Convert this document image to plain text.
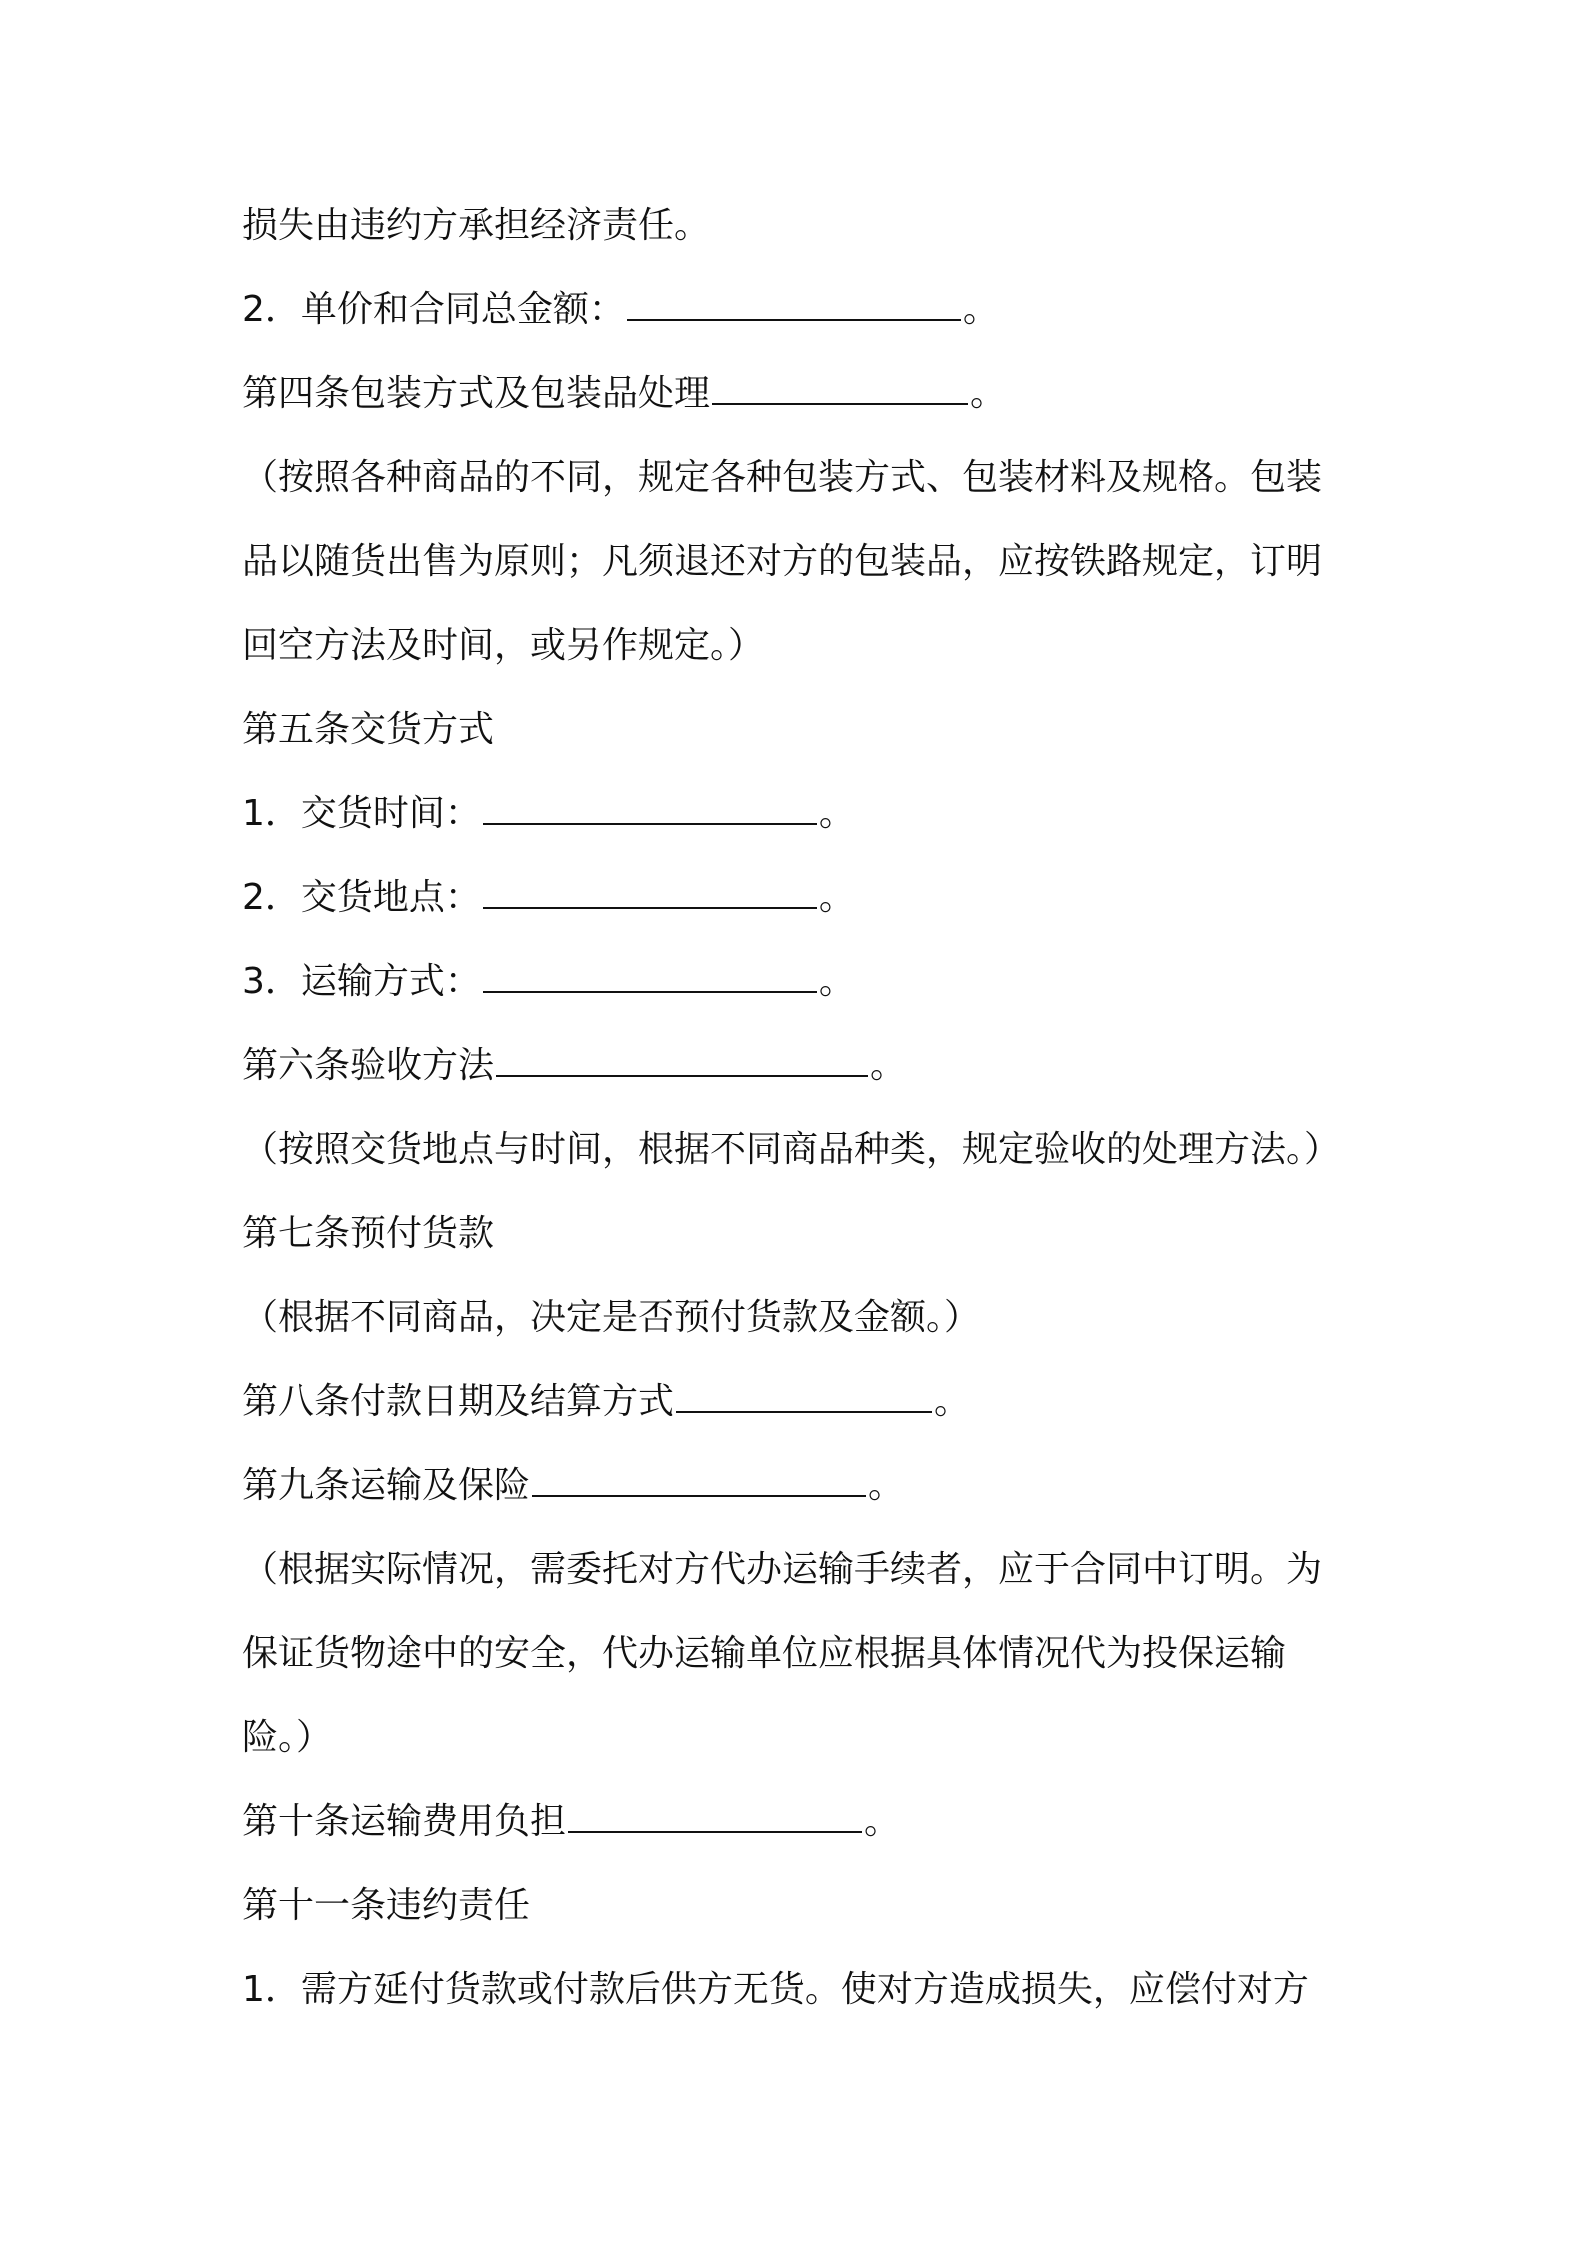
损失由违约方承担经济责任。
2．单价和合同总金额：	。
第四条包装方式及包装品处理	。
（按照各种商品的不同，规定各种包装方式、包装材料及规格。包装
品以随货出售为原则；凡须退还对方的包装品，应按铁路规定，订明
回空方法及时间，或另作规定。）
第五条交货方式
1．交货时间：	。
2．交货地点：	。
3．运输方式：	。
第六条验收方法	。
（按照交货地点与时间，根据不同商品种类，规定验收的处理方法。）
第七条预付货款
（根据不同商品，决定是否预付货款及金额。）
第八条付款日期及结算方式	。
第九条运输及保险	。
（根据实际情况，需委托对方代办运输手续者，应于合同中订明。为
保证货物途中的安全，代办运输单位应根据具体情况代为投保运输
险。）
第十条运输费用负担	。
第十一条违约责任
1．需方延付货款或付款后供方无货。使对方造成损失，应偿付对方
